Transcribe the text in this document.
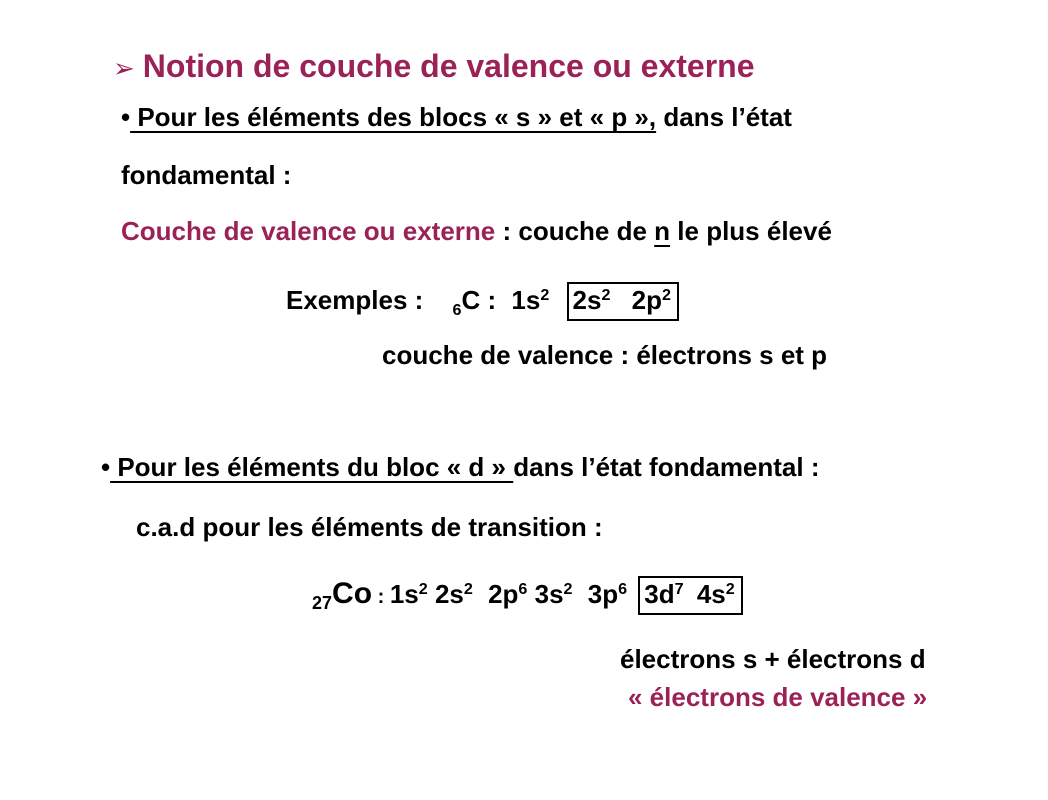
➢ Notion de couche de valence ou externe
• Pour les éléments des blocs « s » et « p », dans l’état
fondamental :
Couche de valence ou externe : couche de n le plus élevé
Exemples : $_6$C : $1s^2$ $2s^2$ $2p^2$
couche de valence : électrons s et p
• Pour les éléments du bloc « d » dans l’état fondamental :
c.a.d pour les éléments de transition :
$_{27}$Co : $1s^2$ $2s^2$ $2p^6$ $3s^2$ $3p^6$ $3d^7$ $4s^2$
électrons s + électrons d
« électrons de valence »
